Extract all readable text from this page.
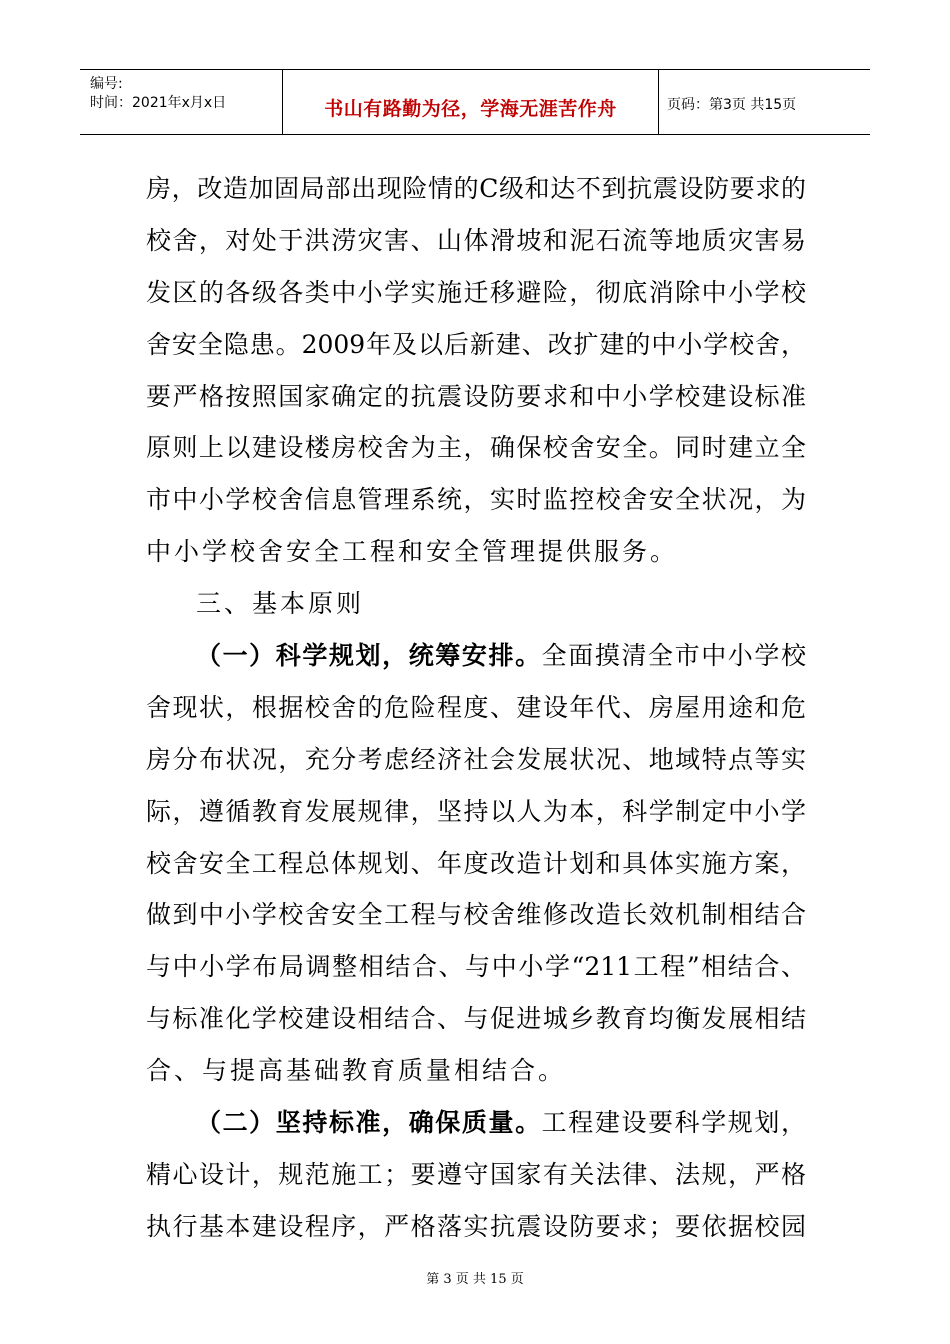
编号:
时间：2021年x月x日	书山有路勤为径，学海无涯苦作舟	页码：第3页 共15页
房，改造加固局部出现险情的C级和达不到抗震设防要求的
校舍，对处于洪涝灾害、山体滑坡和泥石流等地质灾害易
发区的各级各类中小学实施迁移避险，彻底消除中小学校
舍安全隐患。2009年及以后新建、改扩建的中小学校舍，
要严格按照国家确定的抗震设防要求和中小学校建设标准
原则上以建设楼房校舍为主，确保校舍安全。同时建立全
市中小学校舍信息管理系统，实时监控校舍安全状况，为
中小学校舍安全工程和安全管理提供服务。
三、基本原则
（一）科学规划，统筹安排。全面摸清全市中小学校
舍现状，根据校舍的危险程度、建设年代、房屋用途和危
房分布状况，充分考虑经济社会发展状况、地域特点等实
际，遵循教育发展规律，坚持以人为本，科学制定中小学
校舍安全工程总体规划、年度改造计划和具体实施方案，
做到中小学校舍安全工程与校舍维修改造长效机制相结合
与中小学布局调整相结合、与中小学“211工程”相结合、
与标准化学校建设相结合、与促进城乡教育均衡发展相结
合、与提高基础教育质量相结合。
（二）坚持标准，确保质量。工程建设要科学规划，
精心设计，规范施工；要遵守国家有关法律、法规，严格
执行基本建设程序，严格落实抗震设防要求；要依据校园
第 3 页 共 15 页
